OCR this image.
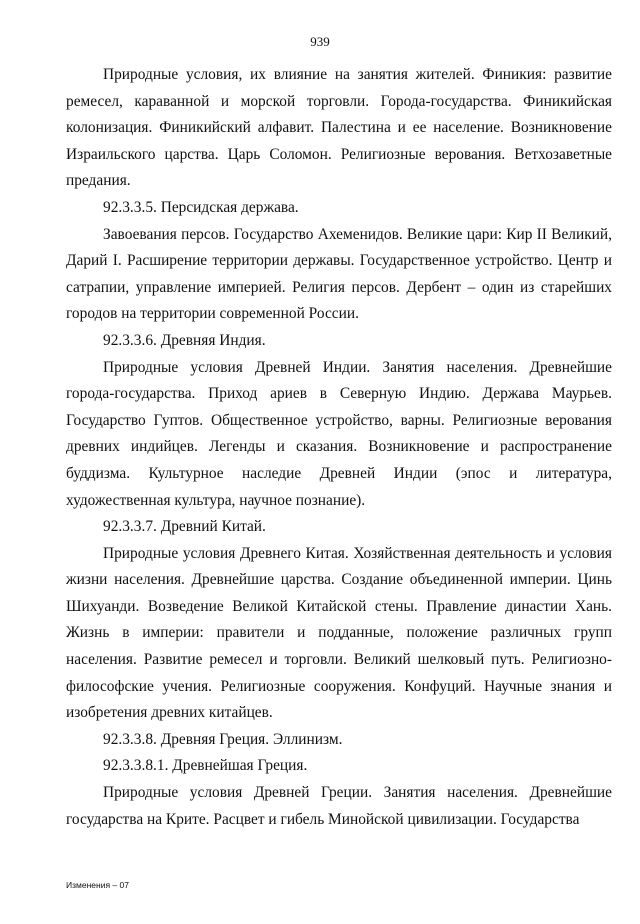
939

Природные условия, их влияние на занятия жителей. Финикия: развитие ремесел, караванной и морской торговли. Города-государства. Финикийская колонизация. Финикийский алфавит. Палестина и ее население. Возникновение Израильского царства. Царь Соломон. Религиозные верования. Ветхозаветные предания.

92.3.3.5. Персидская держава.

Завоевания персов. Государство Ахеменидов. Великие цари: Кир II Великий, Дарий I. Расширение территории державы. Государственное устройство. Центр и сатрапии, управление империей. Религия персов. Дербент – один из старейших городов на территории современной России.

92.3.3.6. Древняя Индия.

Природные условия Древней Индии. Занятия населения. Древнейшие города-государства. Приход ариев в Северную Индию. Держава Маурьев. Государство Гуптов. Общественное устройство, варны. Религиозные верования древних индийцев. Легенды и сказания. Возникновение и распространение буддизма. Культурное наследие Древней Индии (эпос и литература, художественная культура, научное познание).

92.3.3.7. Древний Китай.

Природные условия Древнего Китая. Хозяйственная деятельность и условия жизни населения. Древнейшие царства. Создание объединенной империи. Цинь Шихуанди. Возведение Великой Китайской стены. Правление династии Хань. Жизнь в империи: правители и подданные, положение различных групп населения. Развитие ремесел и торговли. Великий шелковый путь. Религиозно-философские учения. Религиозные сооружения. Конфуций. Научные знания и изобретения древних китайцев.

92.3.3.8. Древняя Греция. Эллинизм.

92.3.3.8.1. Древнейшая Греция.

Природные условия Древней Греции. Занятия населения. Древнейшие государства на Крите. Расцвет и гибель Минойской цивилизации. Государства

Изменения – 07
